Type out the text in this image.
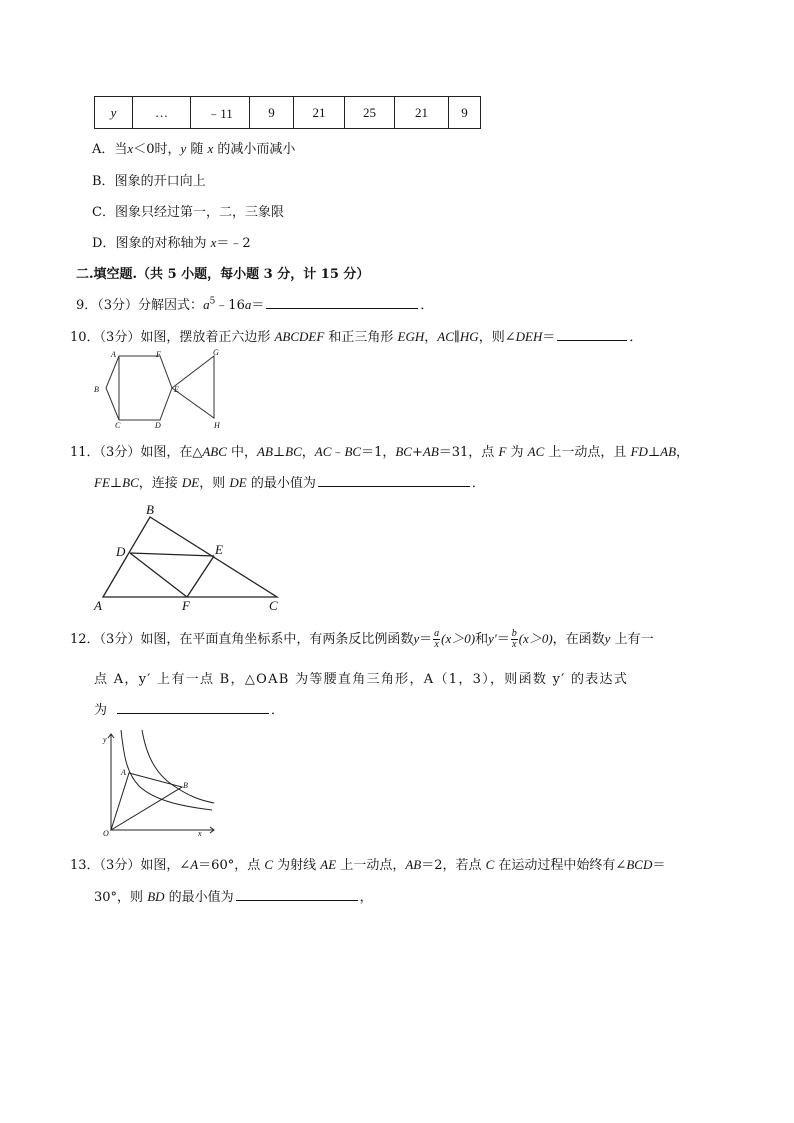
y	…	﹣11	9	21	25	21	9
A．当x＜0时，y 随 x 的减小而减小
B．图象的开口向上
C．图象只经过第一，二，三象限
D．图象的对称轴为 x＝﹣2
二.填空题.（共 5 小题，每小题 3 分，计 15 分）
9．（3分）分解因式：$a^5﹣16a=$	．
10．（3分）如图，摆放着正六边形 ABCDEF 和正三角形 EGH，AC∥HG，则∠DEH＝	．
A	F
B	E
C	D
G
H
11．（3分）如图，在△ABC 中，AB⊥BC，AC﹣BC＝1，BC+AB＝31，点 F 为 AC 上一动点，且 FD⊥AB，
FE⊥BC，连接 DE，则 DE 的最小值为	．
B
D	E
A	F	C
12．（3分）如图，在平面直角坐标系中，有两条反比例函数$y= \frac{a}{x} (x>0)$和$y'= \frac{b}{x} (x>0)$，在函数y 上有一
点 A，y′ 上有一点 B，△OAB 为等腰直角三角形，A（1，3），则函数 y′ 的表达式
为	．
y
A
B
O	x
13．（3分）如图，∠A＝60°，点 C 为射线 AE 上一动点，AB＝2，若点 C 在运动过程中始终有∠BCD＝
30°，则 BD 的最小值为	，
